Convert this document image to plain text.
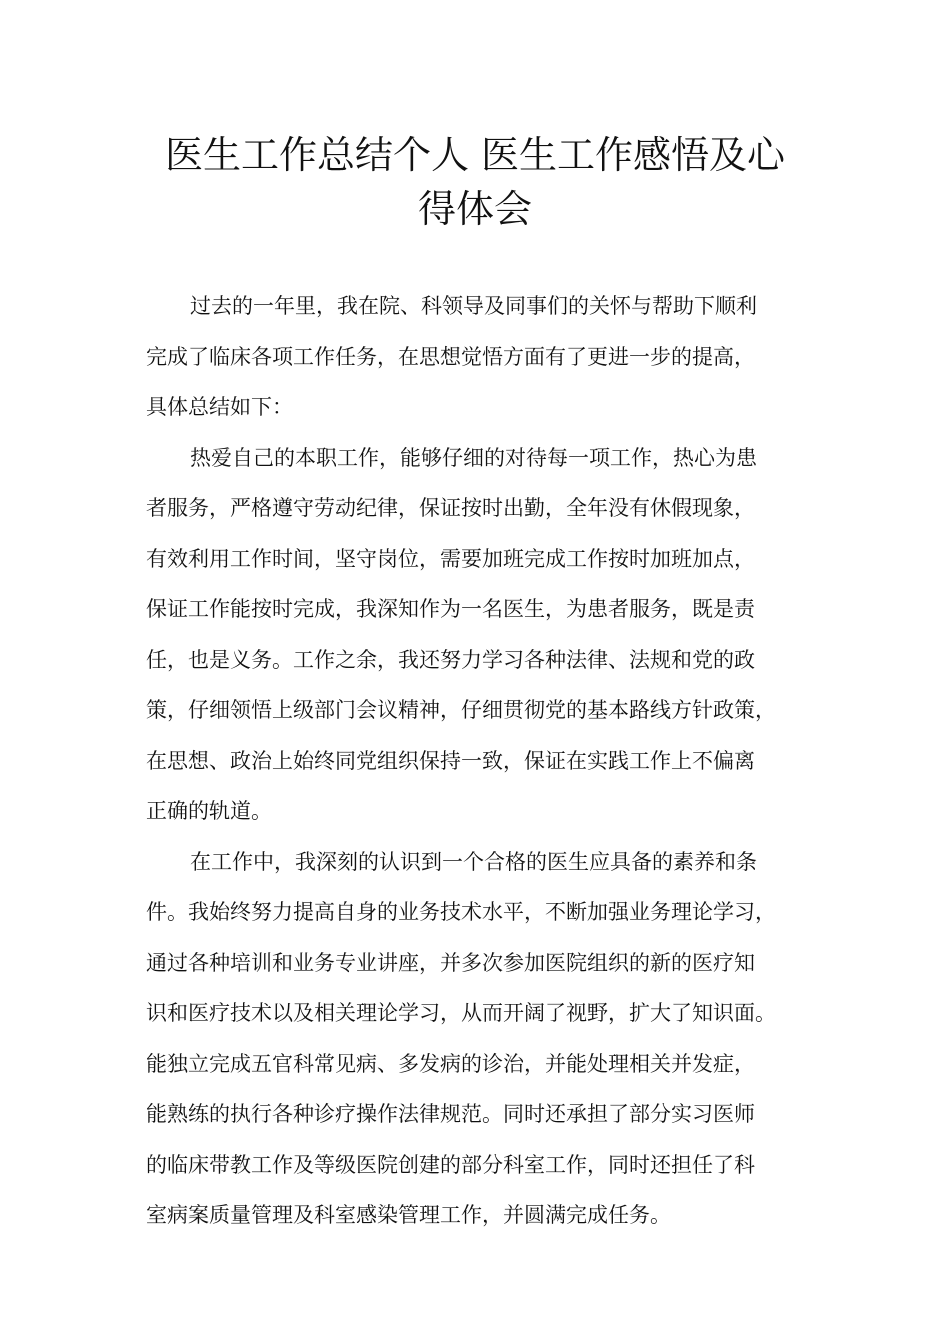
医生工作总结个人 医生工作感悟及心
得体会
过去的一年里，我在院、科领导及同事们的关怀与帮助下顺利
完成了临床各项工作任务，在思想觉悟方面有了更进一步的提高，
具体总结如下：
热爱自己的本职工作，能够仔细的对待每一项工作，热心为患
者服务，严格遵守劳动纪律，保证按时出勤，全年没有休假现象，
有效利用工作时间，坚守岗位，需要加班完成工作按时加班加点，
保证工作能按时完成，我深知作为一名医生，为患者服务，既是责
任，也是义务。工作之余，我还努力学习各种法律、法规和党的政
策，仔细领悟上级部门会议精神，仔细贯彻党的基本路线方针政策，
在思想、政治上始终同党组织保持一致，保证在实践工作上不偏离
正确的轨道。
在工作中，我深刻的认识到一个合格的医生应具备的素养和条
件。我始终努力提高自身的业务技术水平，不断加强业务理论学习，
通过各种培训和业务专业讲座，并多次参加医院组织的新的医疗知
识和医疗技术以及相关理论学习，从而开阔了视野，扩大了知识面。
能独立完成五官科常见病、多发病的诊治，并能处理相关并发症，
能熟练的执行各种诊疗操作法律规范。同时还承担了部分实习医师
的临床带教工作及等级医院创建的部分科室工作，同时还担任了科
室病案质量管理及科室感染管理工作，并圆满完成任务。
